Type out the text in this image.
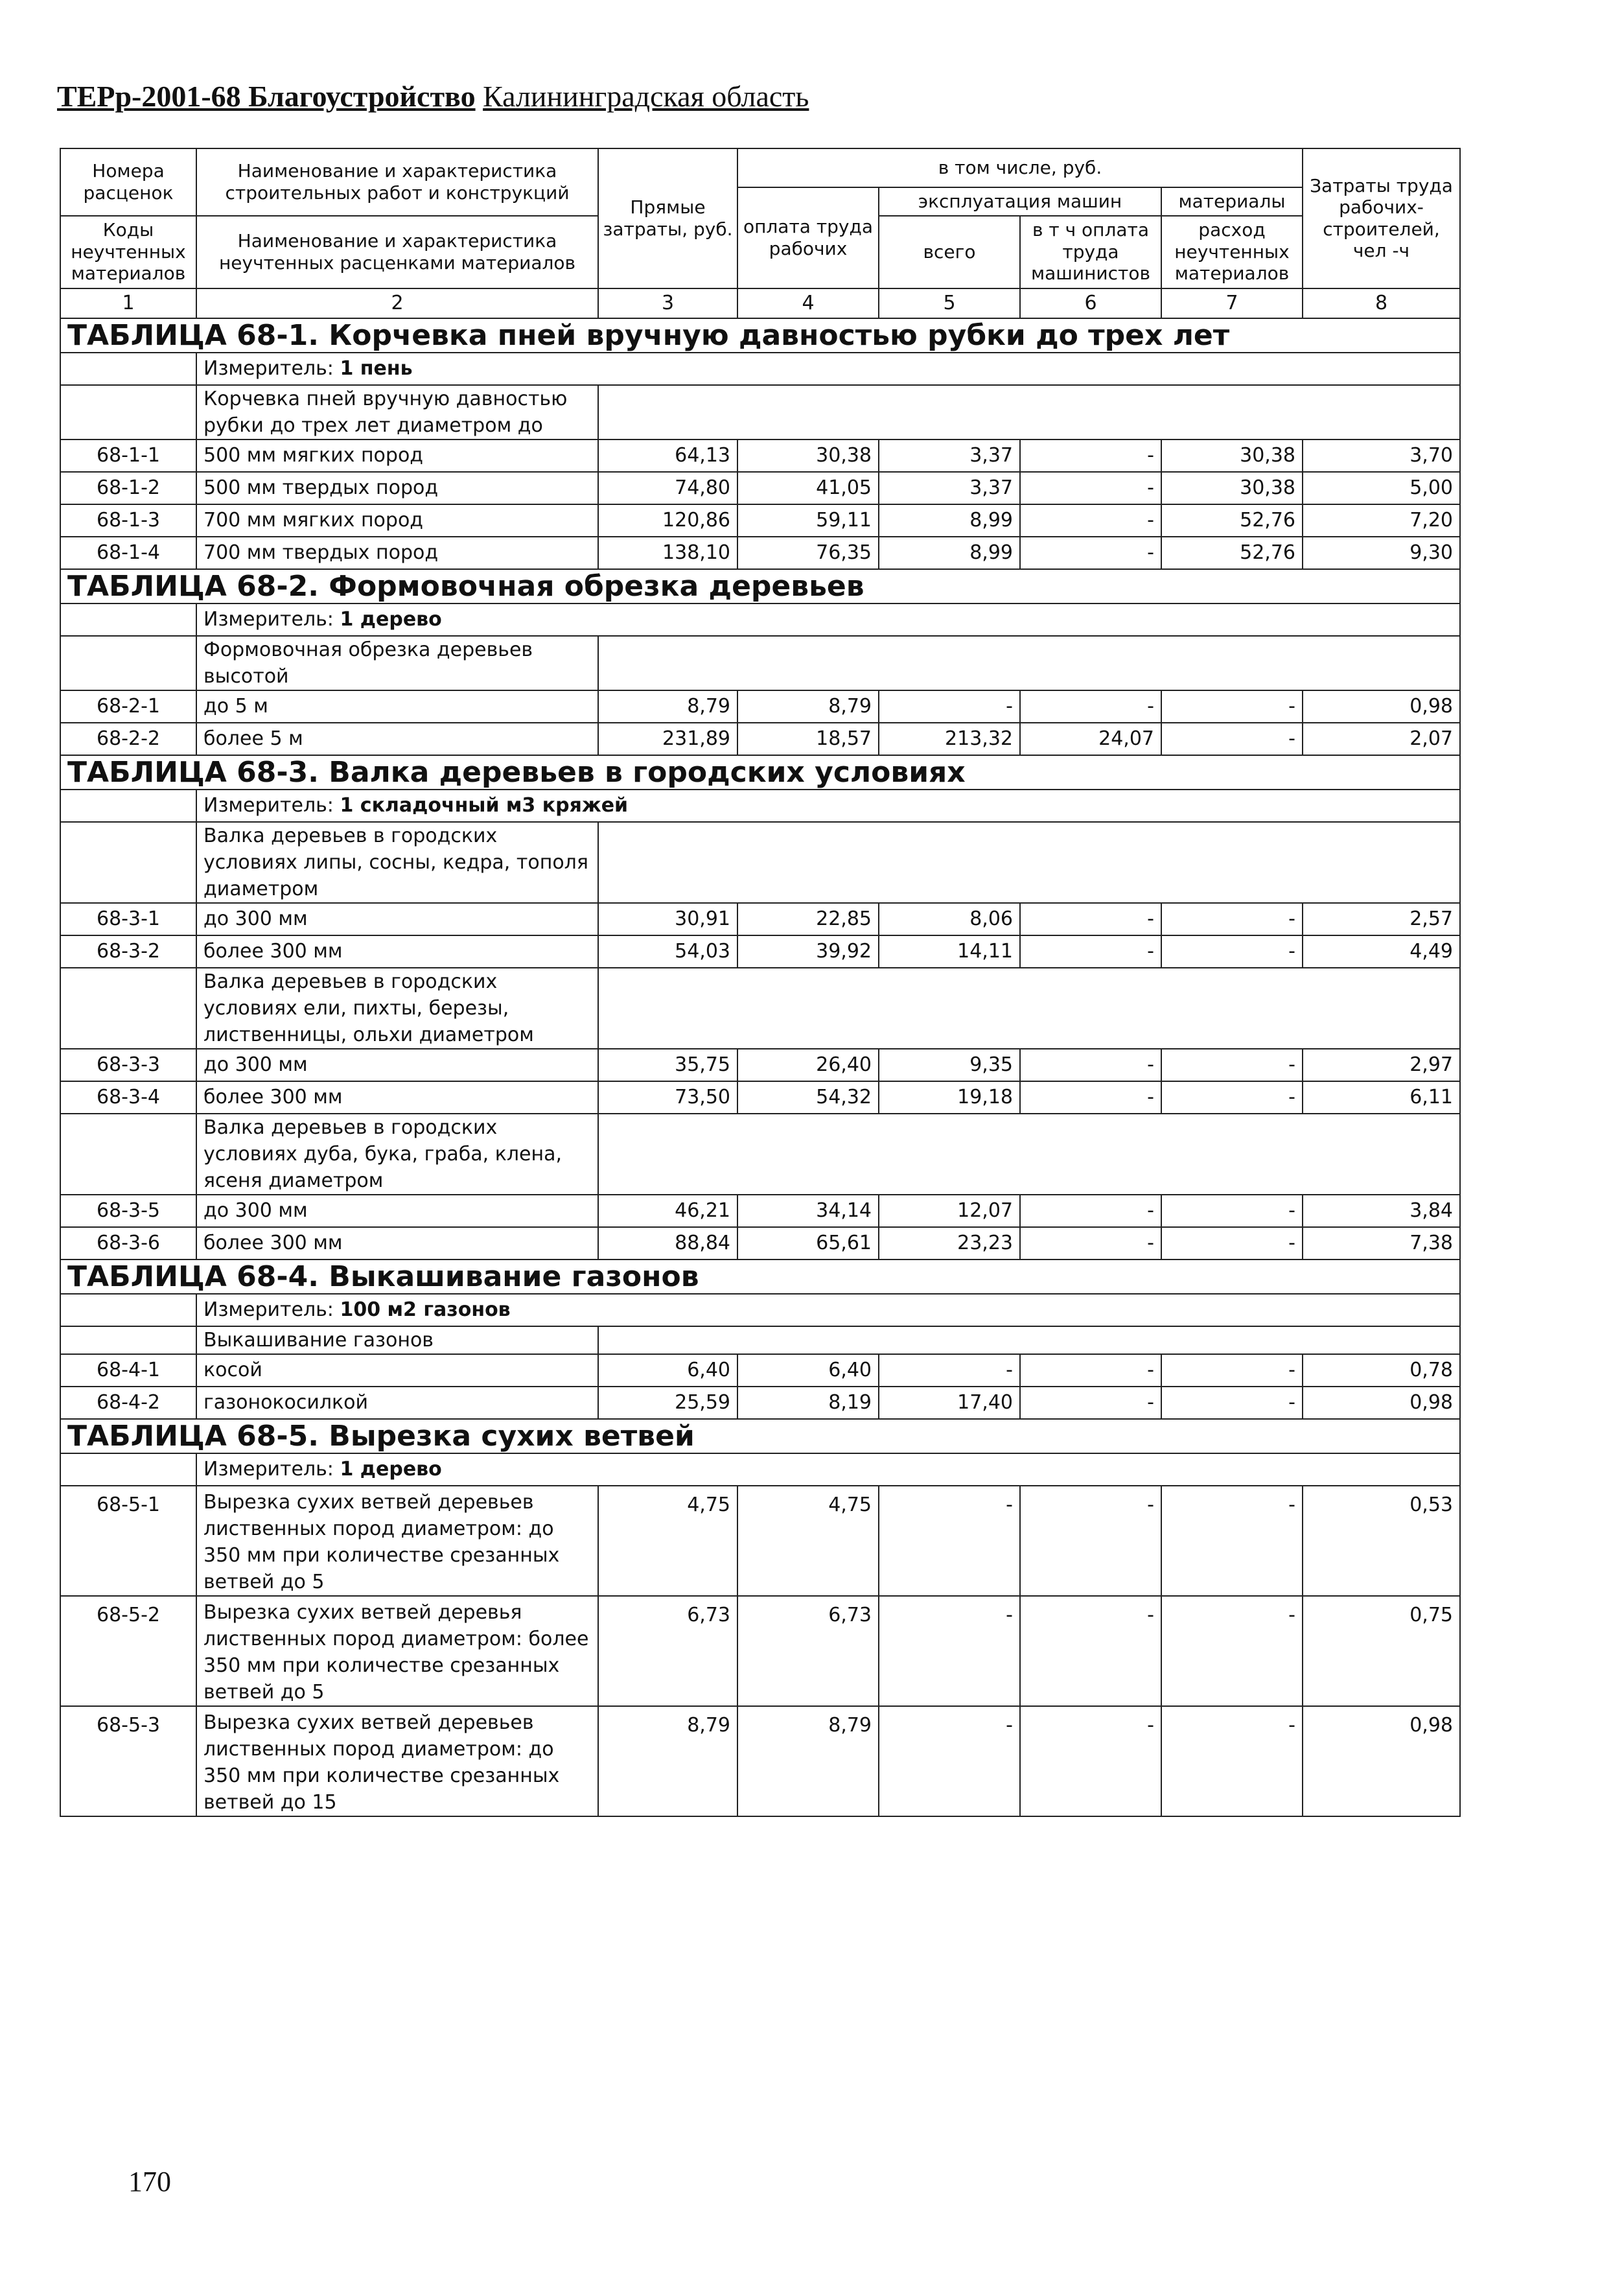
ТЕРр-2001-68 Благоустройство Калининградская область
Номера расценок	Наименование и характеристика строительных работ и конструкций	Прямые затраты, руб.	в том числе, руб.				Затраты труда рабочих-строителей, чел -ч
			оплата труда рабочих	эксплуатация машин		материалы	
Коды неучтенных материалов	Наименование и характеристика неучтенных расценками материалов			всего	в т ч оплата труда машинистов	расход неучтенных материалов	

1	2	3	4	5	6	7	8
ТАБЛИЦА 68-1. Корчевка пней вручную давностью рубки до трех лет							
	Измеритель: 1 пень						
	Корчевка пней вручную давностью рубки до трех лет диаметром до						
68-1-1	500 мм мягких пород	64,13	30,38	3,37	-	30,38	3,70
68-1-2	500 мм твердых пород	74,80	41,05	3,37	-	30,38	5,00
68-1-3	700 мм мягких пород	120,86	59,11	8,99	-	52,76	7,20
68-1-4	700 мм твердых пород	138,10	76,35	8,99	-	52,76	9,30
ТАБЛИЦА 68-2. Формовочная обрезка деревьев							
	Измеритель: 1 дерево						
	Формовочная обрезка деревьев высотой						
68-2-1	до 5 м	8,79	8,79	-	-	-	0,98
68-2-2	более 5 м	231,89	18,57	213,32	24,07	-	2,07
ТАБЛИЦА 68-3. Валка деревьев в городских условиях							
	Измеритель: 1 складочный м3 кряжей						
	Валка деревьев в городских условиях липы, сосны, кедра, тополя диаметром						
68-3-1	до 300 мм	30,91	22,85	8,06	-	-	2,57
68-3-2	более 300 мм	54,03	39,92	14,11	-	-	4,49
	Валка деревьев в городских условиях ели, пихты, березы, лиственницы, ольхи диаметром						
68-3-3	до 300 мм	35,75	26,40	9,35	-	-	2,97
68-3-4	более 300 мм	73,50	54,32	19,18	-	-	6,11
	Валка деревьев в городских условиях дуба, бука, граба, клена, ясеня диаметром						
68-3-5	до 300 мм	46,21	34,14	12,07	-	-	3,84
68-3-6	более 300 мм	88,84	65,61	23,23	-	-	7,38
ТАБЛИЦА 68-4. Выкашивание газонов							
	Измеритель: 100 м2 газонов						
	Выкашивание газонов						
68-4-1	косой	6,40	6,40	-	-	-	0,78
68-4-2	газонокосилкой	25,59	8,19	17,40	-	-	0,98
ТАБЛИЦА 68-5. Вырезка сухих ветвей							
	Измеритель: 1 дерево						
68-5-1	Вырезка сухих ветвей деревьев лиственных пород диаметром: до 350 мм при количестве срезанных ветвей до 5	4,75	4,75	-	-	-	0,53
68-5-2	Вырезка сухих ветвей деревья лиственных пород диаметром: более 350 мм при количестве срезанных ветвей до 5	6,73	6,73	-	-	-	0,75
68-5-3	Вырезка сухих ветвей деревьев лиственных пород диаметром: до 350 мм при количестве срезанных ветвей до 15	8,79	8,79	-	-	-	0,98
170
